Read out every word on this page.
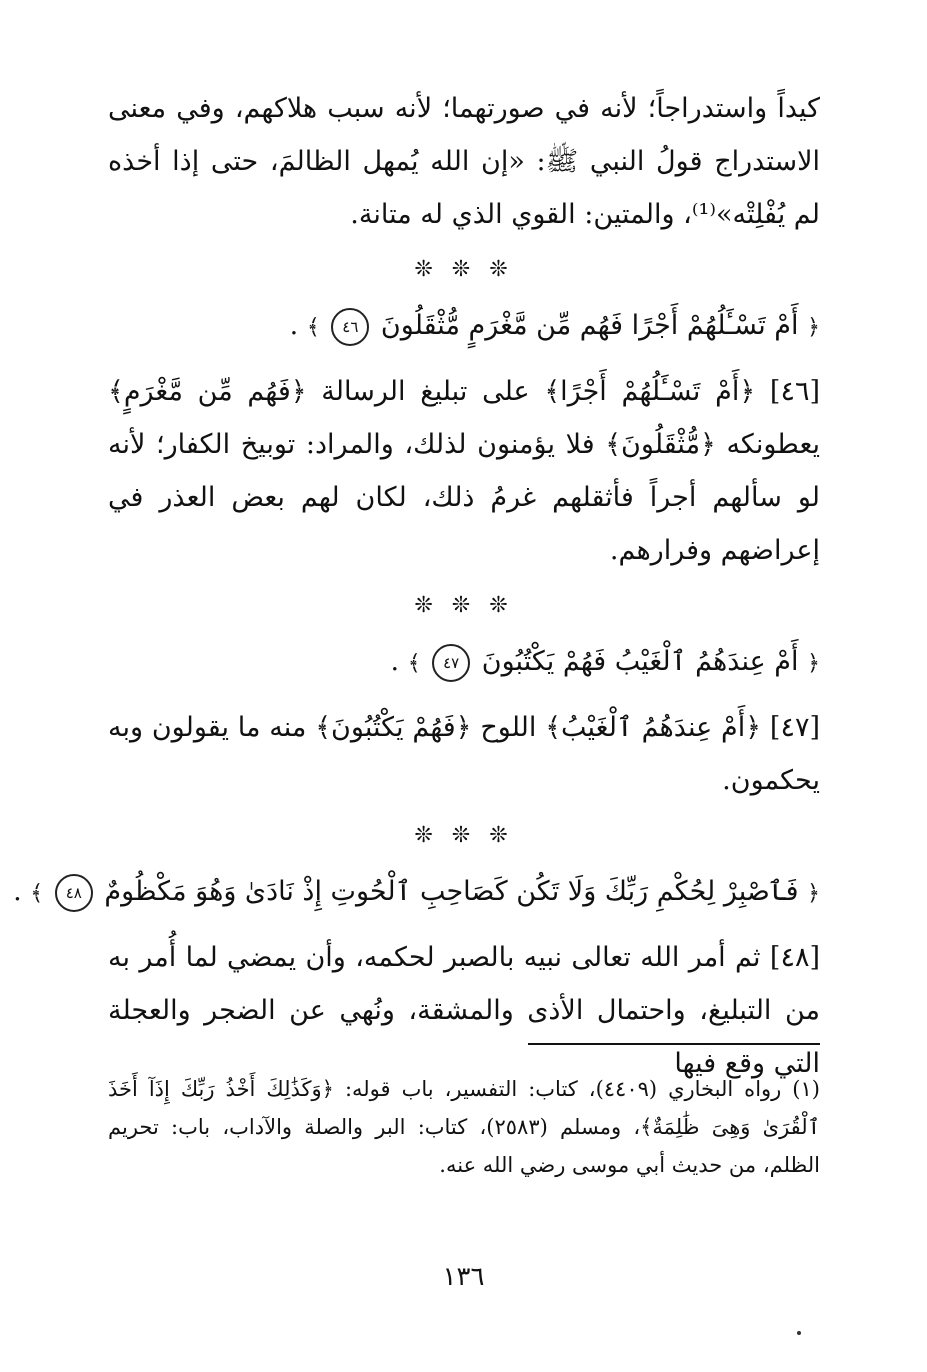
كيداً واستدراجاً؛ لأنه في صورتهما؛ لأنه سبب هلاكهم، وفي معنى الاستدراج قولُ النبي ﷺ: «إن الله يُمهل الظالمَ، حتى إذا أخذه لم يُفْلِتْه»⁽¹⁾، والمتين: القوي الذي له متانة.

❊ ❊ ❊
﴿ أَمْ تَسْـَٔلُهُمْ أَجْرًا فَهُم مِّن مَّغْرَمٍ مُّثْقَلُونَ ٤٦ ﴾ .

[٤٦] ﴿أَمْ تَسْـَٔلُهُمْ أَجْرًا﴾ على تبليغ الرسالة ﴿فَهُم مِّن مَّغْرَمٍ﴾ يعطونكه ﴿مُّثْقَلُونَ﴾ فلا يؤمنون لذلك، والمراد: توبيخ الكفار؛ لأنه لو سألهم أجراً فأثقلهم غرمُ ذلك، لكان لهم بعض العذر في إعراضهم وفرارهم.

❊ ❊ ❊
﴿ أَمْ عِندَهُمُ ٱلْغَيْبُ فَهُمْ يَكْتُبُونَ ٤٧ ﴾ .

[٤٧] ﴿أَمْ عِندَهُمُ ٱلْغَيْبُ﴾ اللوح ﴿فَهُمْ يَكْتُبُونَ﴾ منه ما يقولون وبه يحكمون.

❊ ❊ ❊
﴿ فَٱصْبِرْ لِحُكْمِ رَبِّكَ وَلَا تَكُن كَصَاحِبِ ٱلْحُوتِ إِذْ نَادَىٰ وَهُوَ مَكْظُومٌ ٤٨ ﴾ .

[٤٨] ثم أمر الله تعالى نبيه بالصبر لحكمه، وأن يمضي لما أُمر به من التبليغ، واحتمال الأذى والمشقة، ونُهي عن الضجر والعجلة التي وقع فيها

(١) رواه البخاري (٤٤٠٩)، كتاب: التفسير، باب قوله: ﴿وَكَذَٰلِكَ أَخْذُ رَبِّكَ إِذَآ أَخَذَ ٱلْقُرَىٰ وَهِىَ ظَٰلِمَةٌ﴾، ومسلم (٢٥٨٣)، كتاب: البر والصلة والآداب، باب: تحريم الظلم، من حديث أبي موسى رضي الله عنه.
١٣٦
